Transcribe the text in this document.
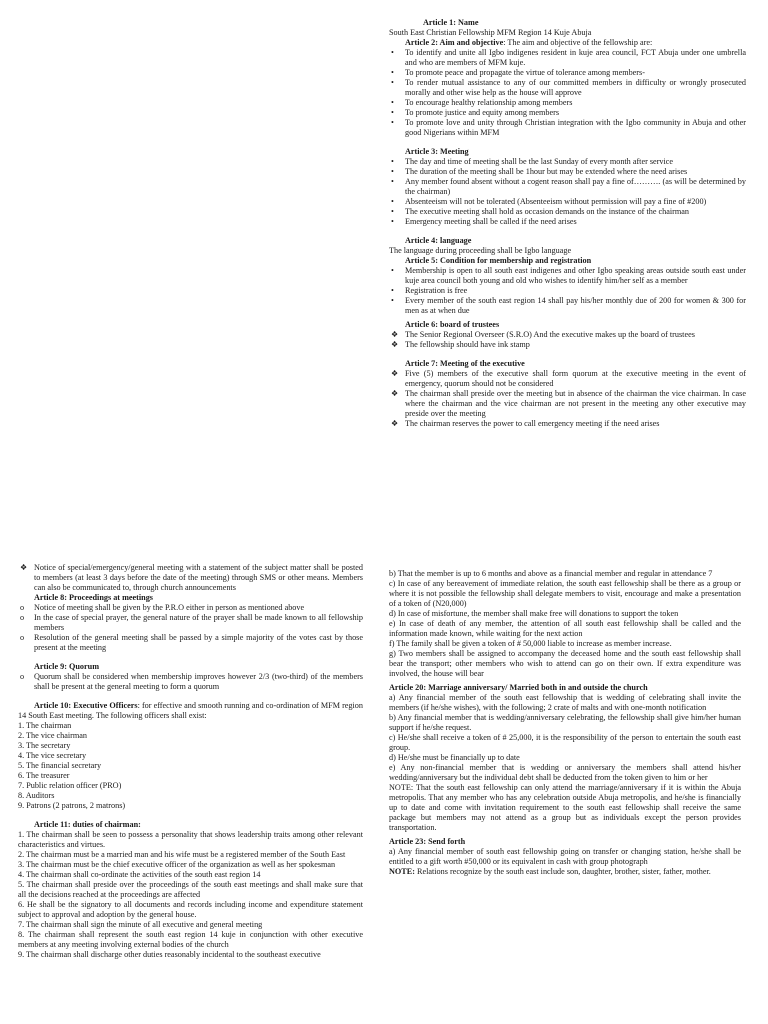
Article 1: Name

South East Christian Fellowship MFM Region 14 Kuje Abuja

Article 2: Aim and objective: The aim and objective of the fellowship are:

• To identify and unite all Igbo indigenes resident in kuje area council, FCT Abuja under one umbrella and who are members of MFM kuje.
• To promote peace and propagate the virtue of tolerance among members-
• To render mutual assistance to any of our committed members in difficulty or wrongly prosecuted morally and other wise help as the house will approve
• To encourage healthy relationship among members
• To promote justice and equity among members
• To promote love and unity through Christian integration with the Igbo community in Abuja and other good Nigerians within MFM

Article 3: Meeting

• The day and time of meeting shall be the last Sunday of every month after service
• The duration of the meeting shall be 1hour but may be extended where the need arises
• Any member found absent without a cogent reason shall pay a fine of………. (as will be determined by the chairman)
• Absenteeism will not be tolerated (Absenteeism without permission will pay a fine of #200)
• The executive meeting shall hold as occasion demands on the instance of the chairman
• Emergency meeting shall be called if the need arises

Article 4: language

The language during proceeding shall be Igbo language

Article 5: Condition for membership and registration

• Membership is open to all south east indigenes and other Igbo speaking areas outside south east under kuje area council both young and old who wishes to identify him/her self as a member
• Registration is free
• Every member of the south east region 14 shall pay his/her monthly due of 200 for women & 300 for men as at when due

Article 6: board of trustees

❖ The Senior Regional Overseer (S.R.O) And the executive makes up the board of trustees
❖ The fellowship should have ink stamp

Article 7: Meeting of the executive

❖ Five (5) members of the executive shall form quorum at the executive meeting in the event of emergency, quorum should not be considered
❖ The chairman shall preside over the meeting but in absence of the chairman the vice chairman. In case where the chairman and the vice chairman are not present in the meeting any other executive may preside over the meeting
❖ The chairman reserves the power to call emergency meeting if the need arises
❖ Notice of special/emergency/general meeting with a statement of the subject matter shall be posted to members (at least 3 days before the date of the meeting) through SMS or other means. Members can also be communicated to, through church announcements

Article 8: Proceedings at meetings

o Notice of meeting shall be given by the P.R.O either in person as mentioned above
o In the case of special prayer, the general nature of the prayer shall be made known to all fellowship members
o Resolution of the general meeting shall be passed by a simple majority of the votes cast by those present at the meeting

Article 9: Quorum

o Quorum shall be considered when membership improves however 2/3 (two-third) of the members shall be present at the general meeting to form a quorum

Article 10: Executive Officers: for effective and smooth running and co-ordination of MFM region 14 South East meeting. The following officers shall exist:

1. The chairman

2. The vice chairman

3. The secretary

4. The vice secretary

5. The financial secretary

6. The treasurer

7. Public relation officer (PRO)

8. Auditors

9. Patrons (2 patrons, 2 matrons)

Article 11: duties of chairman:

1. The chairman shall be seen to possess a personality that shows leadership traits among other relevant characteristics and virtues.

2. The chairman must be a married man and his wife must be a registered member of the South East

3. The chairman must be the chief executive officer of the organization as well as her spokesman

4. The chairman shall co-ordinate the activities of the south east region 14

5. The chairman shall preside over the proceedings of the south east meetings and shall make sure that all the decisions reached at the proceedings are affected

6. He shall be the signatory to all documents and records including income and expenditure statement subject to approval and adoption by the general house.

7. The chairman shall sign the minute of all executive and general meeting

8. The chairman shall represent the south east region 14 kuje in conjunction with other executive members at any meeting involving external bodies of the church

9. The chairman shall discharge other duties reasonably incidental to the southeast executive

b) That the member is up to 6 months and above as a financial member and regular in attendance 7

c) In case of any bereavement of immediate relation, the south east fellowship shall be there as a group or where it is not possible the fellowship shall delegate members to visit, encourage and make a presentation of a token of (N20,000)

d) In case of misfortune, the member shall make free will donations to support the token

e) In case of death of any member, the attention of all south east fellowship shall be called and the information made known, while waiting for the next action

f) The family shall be given a token of # 50,000 liable to increase as member increase.

g) Two members shall be assigned to accompany the deceased home and the south east fellowship shall bear the transport; other members who wish to attend can go on their own. If extra expenditure was involved, the house will bear

Article 20: Marriage anniversary/ Married both in and outside the church

a) Any financial member of the south east fellowship that is wedding of celebrating shall invite the members (if he/she wishes), with the following; 2 crate of malts and with one-month notification

b) Any financial member that is wedding/anniversary celebrating, the fellowship shall give him/her human support if he/she request.

c) He/she shall receive a token of # 25,000, it is the responsibility of the person to entertain the south east group.

d) He/she must be financially up to date

e) Any non-financial member that is wedding or anniversary the members shall attend his/her wedding/anniversary but the individual debt shall be deducted from the token given to him or her

NOTE: That the south east fellowship can only attend the marriage/anniversary if it is within the Abuja metropolis. That any member who has any celebration outside Abuja metropolis, and he/she is financially up to date and come with invitation requirement to the south east fellowship shall receive the same package but members may not attend as a group but as individuals except the person provides transportation.

Article 23: Send forth

a) Any financial member of south east fellowship going on transfer or changing station, he/she shall be entitled to a gift worth #50,000 or its equivalent in cash with group photograph

NOTE: Relations recognize by the south east include son, daughter, brother, sister, father, mother.
